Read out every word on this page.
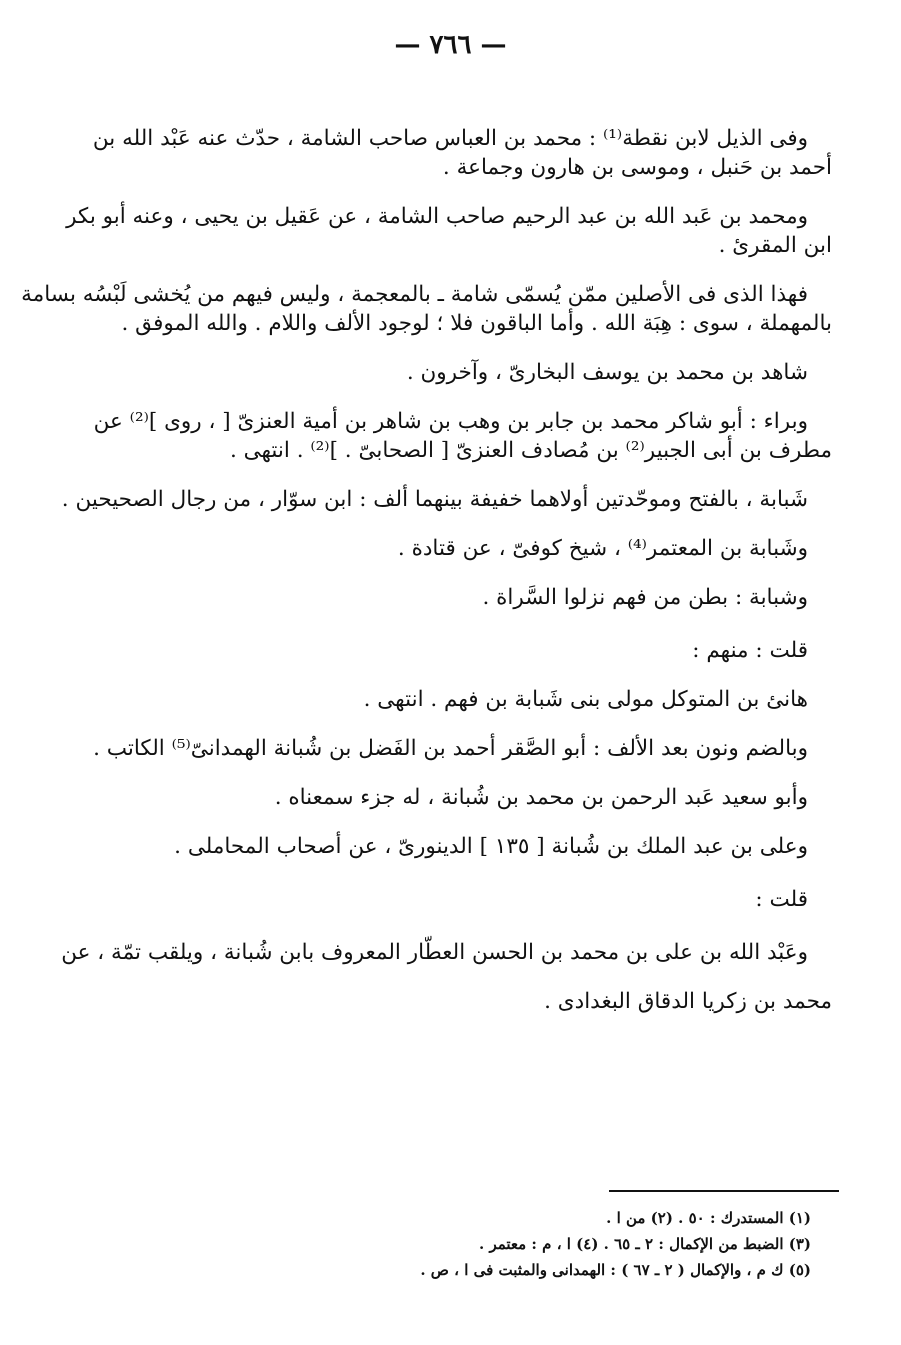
— ٧٦٦ —
وفى الذيل لابن نقطة⁽¹⁾ : محمد بن العباس صاحب الشامة ، حدّث عنه عَبْد الله بن
أحمد بن حَنبل ، وموسى بن هارون وجماعة .
ومحمد بن عَبد الله بن عبد الرحيم صاحب الشامة ، عن عَقيل بن يحيى ، وعنه أبو بكر
ابن المقرئ .
فهذا الذى فى الأصلين ممّن يُسمّى شامة ـ بالمعجمة ، وليس فيهم من يُخشى لَبْسُه بسامة
بالمهملة ، سوى : هِبَة الله . وأما الباقون فلا ؛ لوجود الألف واللام . والله الموفق .
شاهد بن محمد بن يوسف البخارىّ ، وآخرون .
وبراء : أبو شاكر محمد بن جابر بن وهب بن شاهر بن أمية العنزىّ [ ، روى ]⁽²⁾ عن
مطرف بن أبى الجبير⁽²⁾ بن مُصادف العنزىّ [ الصحابىّ . ]⁽²⁾ . انتهى .
شَبابة ، بالفتح وموحّدتين أولاهما خفيفة بينهما ألف : ابن سوّار ، من رجال الصحيحين .
وشَبابة بن المعتمر⁽⁴⁾ ، شيخ كوفىّ ، عن قتادة .
وشبابة : بطن من فهم نزلوا السَّراة .
قلت : منهم :
هانئ بن المتوكل مولى بنى شَبابة بن فهم . انتهى .
وبالضم ونون بعد الألف : أبو الصَّقر أحمد بن الفَضل بن شُبانة الهمدانىّ⁽⁵⁾ الكاتب .
وأبو سعيد عَبد الرحمن بن محمد بن شُبانة ، له جزء سمعناه .
وعلى بن عبد الملك بن شُبانة [ ١٣٥ ] الدينورىّ ، عن أصحاب المحاملى .
قلت :
وعَبْد الله بن على بن محمد بن الحسن العطّار المعروف بابن شُبانة ، ويلقب تمّة ، عن
محمد بن زكريا الدقاق البغدادى .
(١) المستدرك : ٥٠ . (٢) من ا .
(٣) الضبط من الإكمال : ٢ ـ ٦٥ . (٤) ا ، م : معتمر .
(٥) ك م ، والإكمال ( ٢ ـ ٦٧ ) : الهمدانى والمثبت فى ا ، ص .
